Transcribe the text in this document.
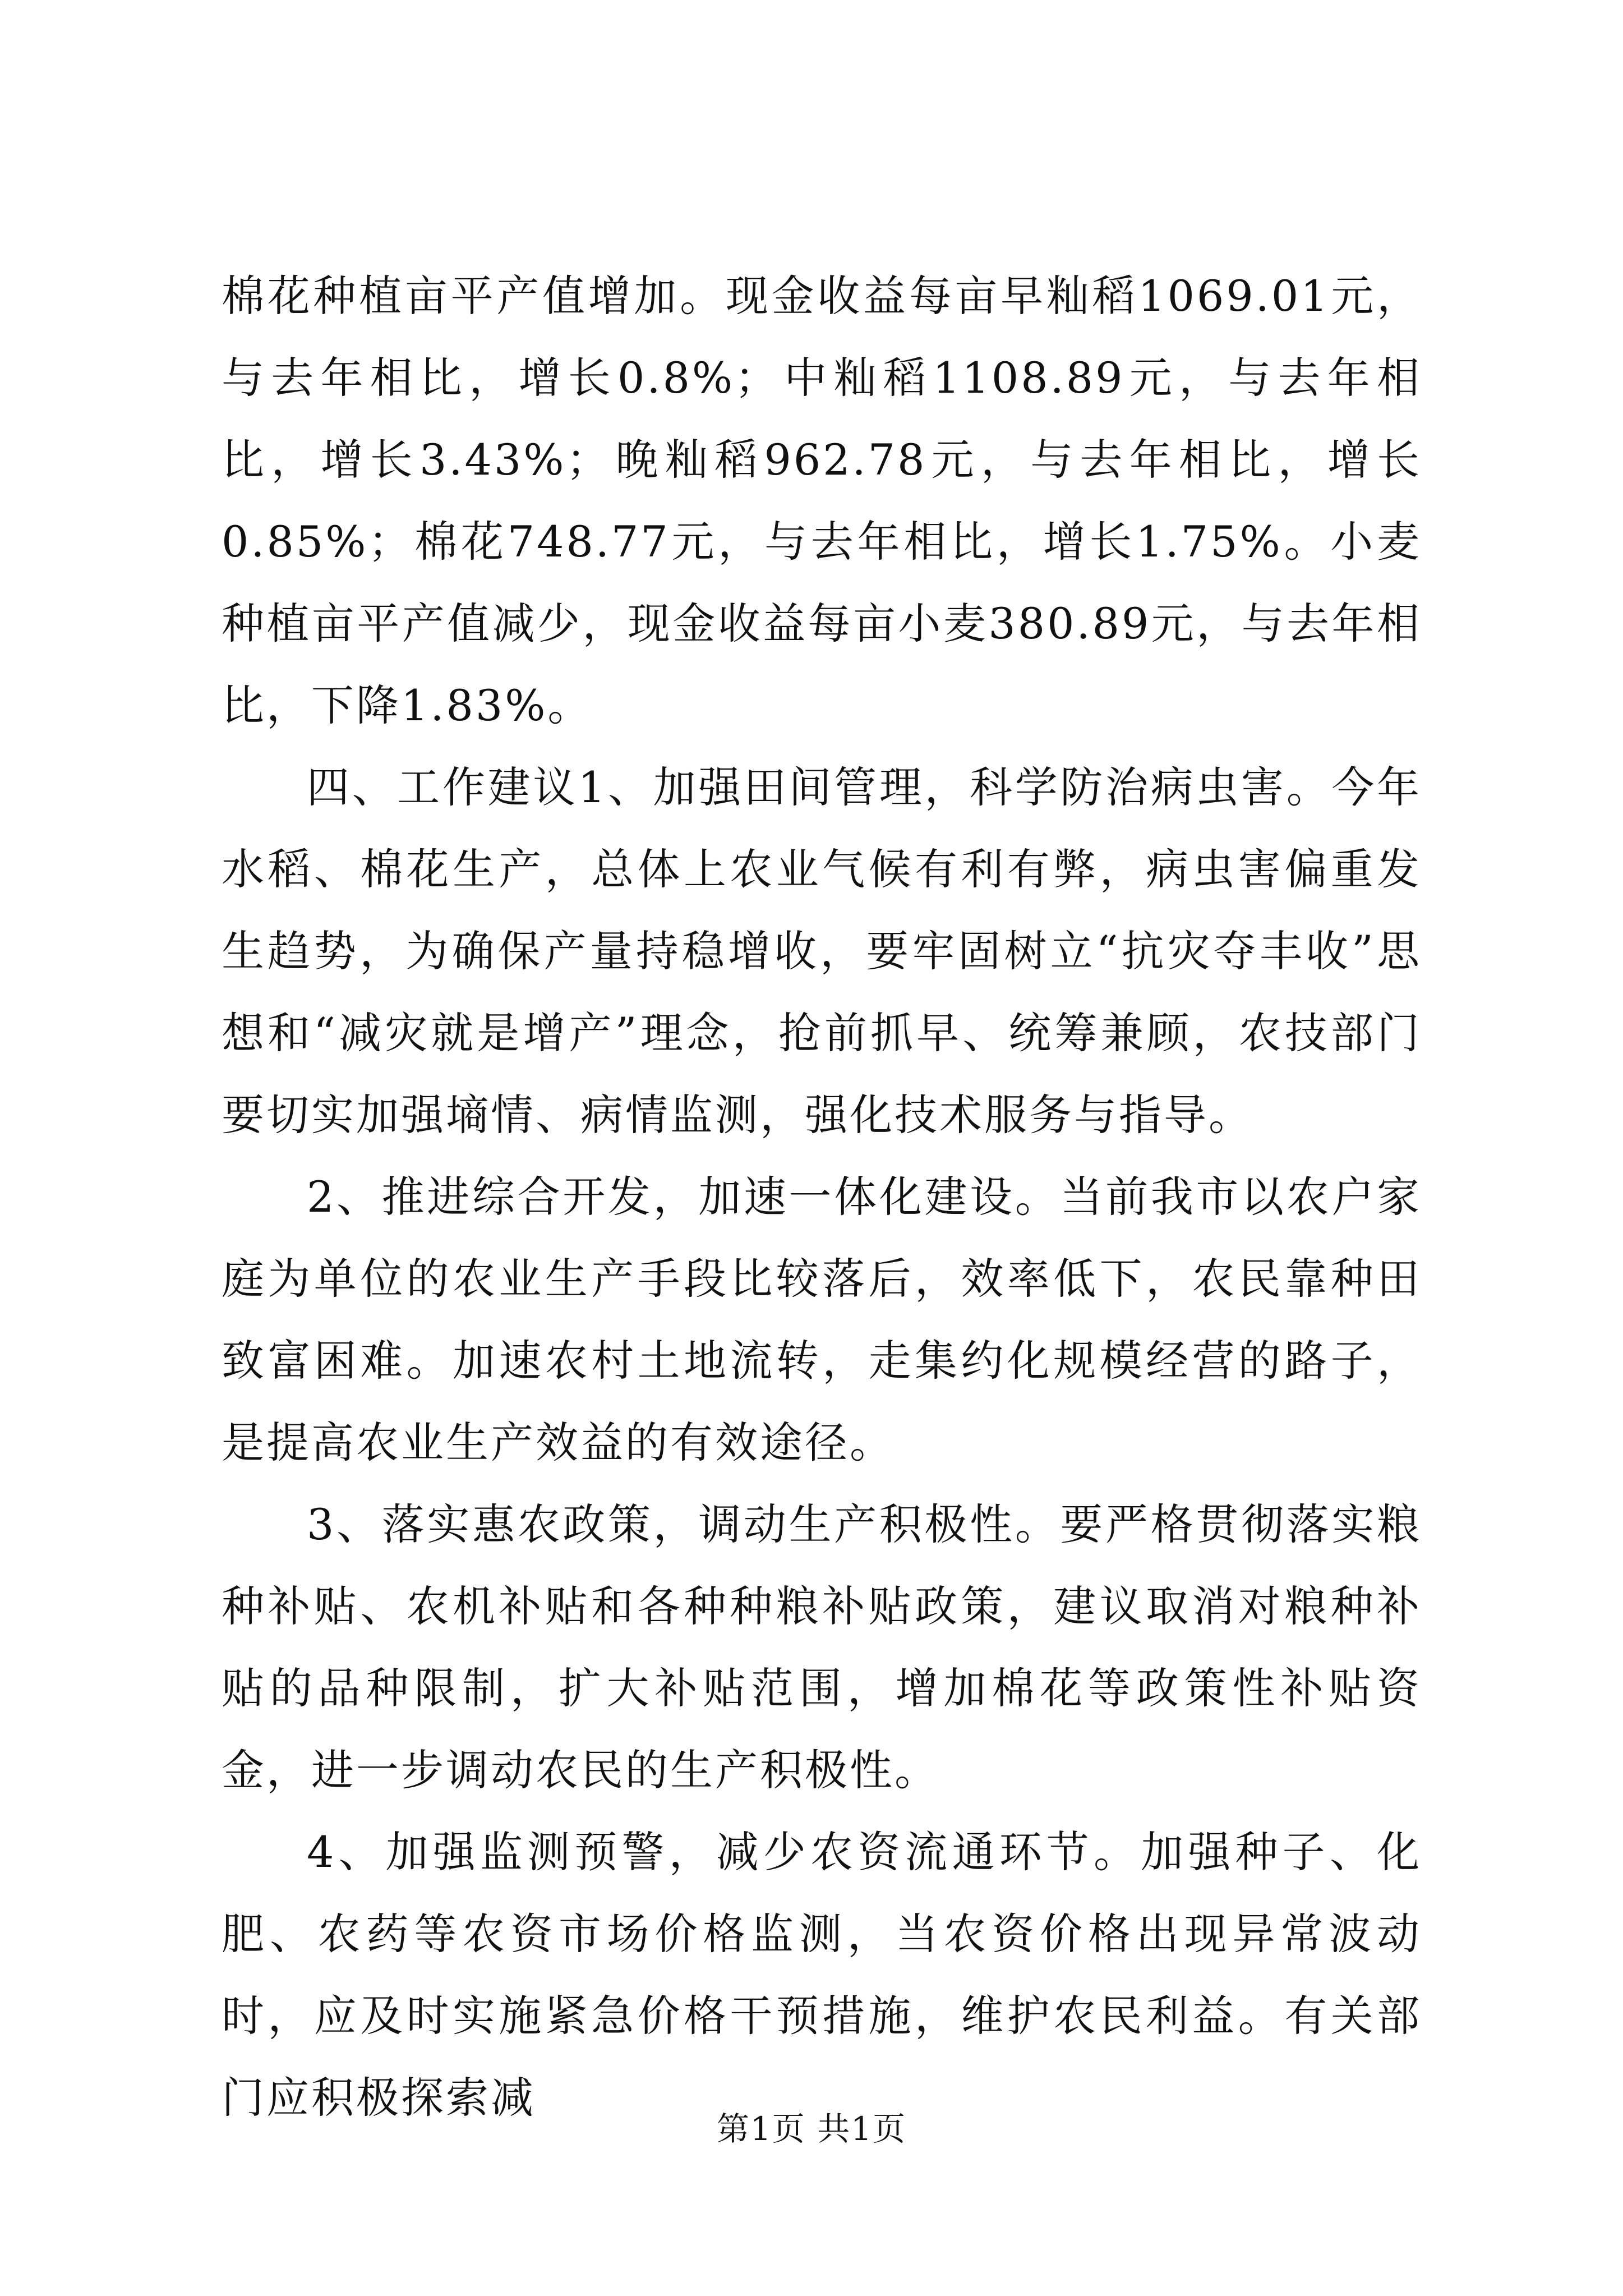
棉花种植亩平产值增加。现金收益每亩早籼稻1069.01元，与去年相比，增长0.8%；中籼稻1108.89元，与去年相比，增长3.43%；晚籼稻962.78元，与去年相比，增长0.85%；棉花748.77元，与去年相比，增长1.75%。小麦种植亩平产值减少，现金收益每亩小麦380.89元，与去年相比，下降1.83%。

四、工作建议1、加强田间管理，科学防治病虫害。今年水稻、棉花生产，总体上农业气候有利有弊，病虫害偏重发生趋势，为确保产量持稳增收，要牢固树立“抗灾夺丰收”思想和“减灾就是增产”理念，抢前抓早、统筹兼顾，农技部门要切实加强墒情、病情监测，强化技术服务与指导。

2、推进综合开发，加速一体化建设。当前我市以农户家庭为单位的农业生产手段比较落后，效率低下，农民靠种田致富困难。加速农村土地流转，走集约化规模经营的路子，是提高农业生产效益的有效途径。

3、落实惠农政策，调动生产积极性。要严格贯彻落实粮种补贴、农机补贴和各种种粮补贴政策，建议取消对粮种补贴的品种限制，扩大补贴范围，增加棉花等政策性补贴资金，进一步调动农民的生产积极性。

4、加强监测预警，减少农资流通环节。加强种子、化肥、农药等农资市场价格监测，当农资价格出现异常波动时，应及时实施紧急价格干预措施，维护农民利益。有关部门应积极探索减

第1页 共1页
